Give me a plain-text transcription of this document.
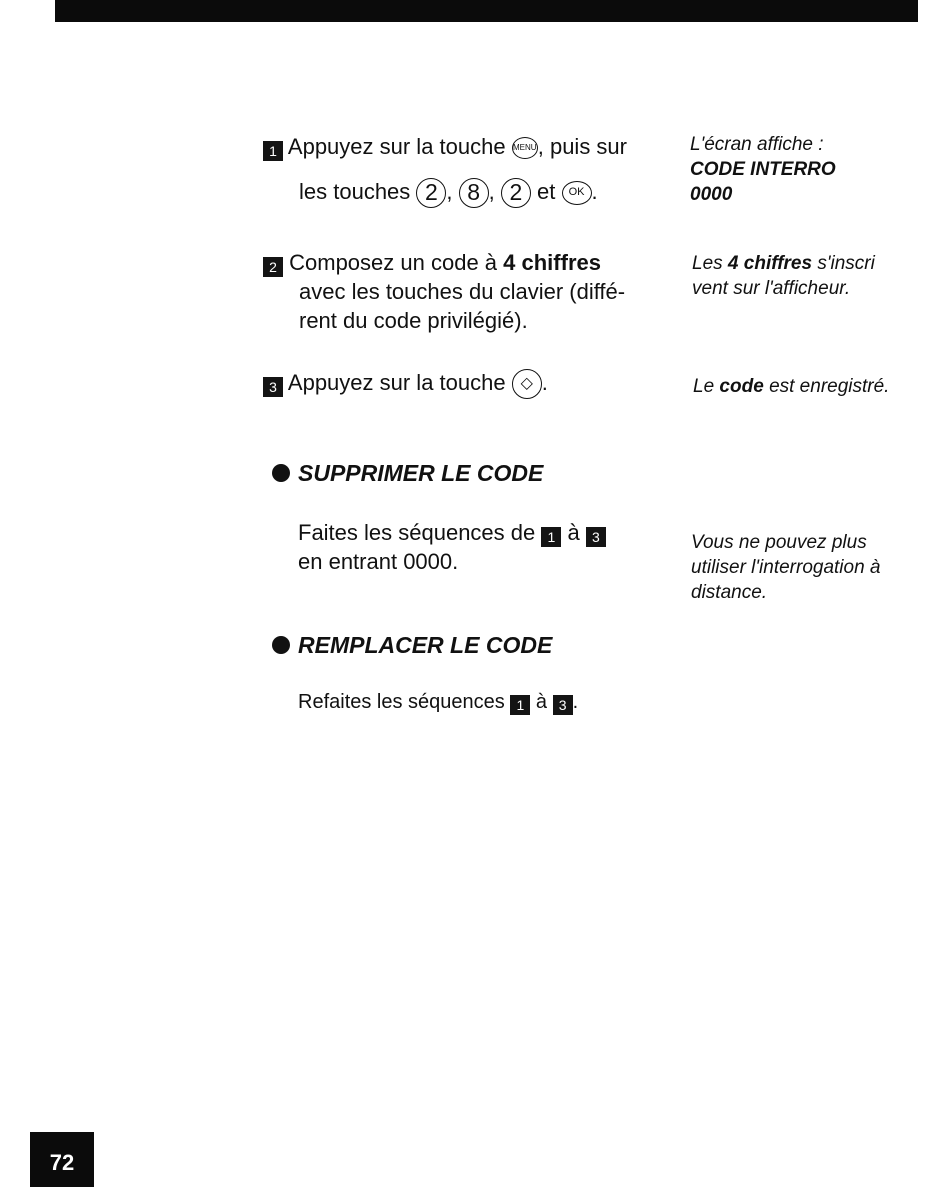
1 Appuyez sur la touche MENU, puis sur
les touches 2 , 8 , 2 et OK .
L'écran affiche :
CODE INTERRO
0000
2 Composez un code à 4 chiffres
avec les touches du clavier (diffé-
rent du code privilégié).
Les 4 chiffres s'inscri
vent sur l'afficheur.
3 Appuyez sur la touche ◇ .	Le code est enregistré.
SUPPRIMER LE CODE
Faites les séquences de 1 à 3
en entrant 0000.
Vous ne pouvez plus
utiliser l'interrogation à
distance.
REMPLACER LE CODE
Refaites les séquences 1 à 3 .
72
